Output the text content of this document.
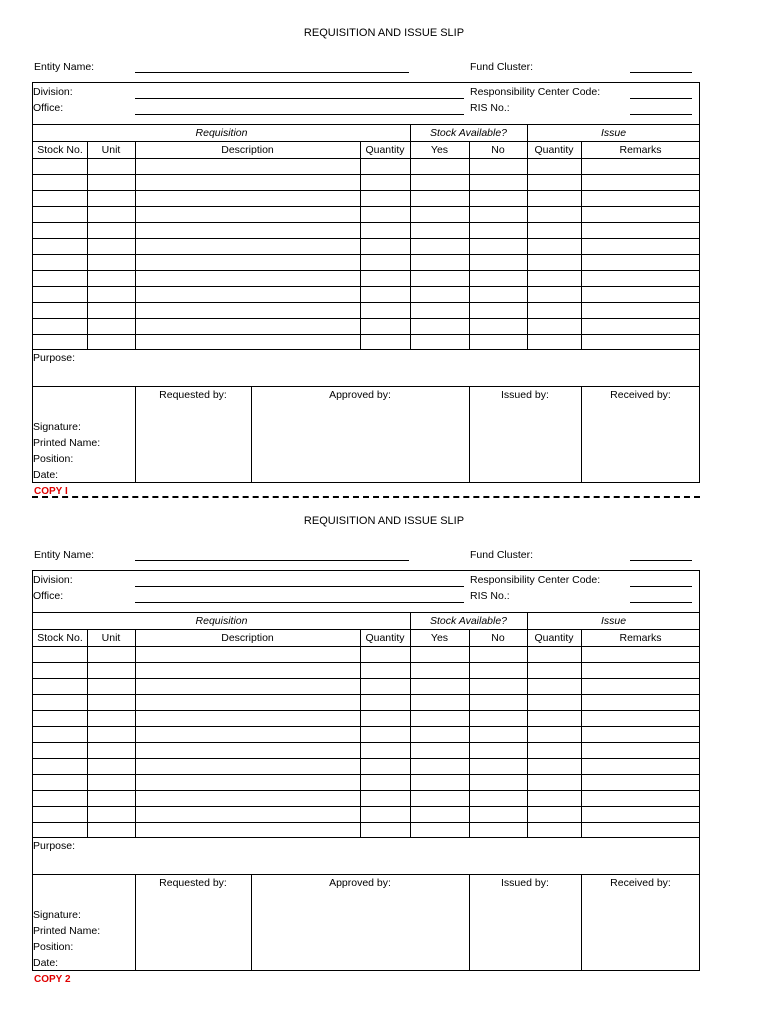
REQUISITION AND ISSUE SLIP
Entity Name:	Fund Cluster:
Division:
Office:
Responsibility Center Code:
RIS No.:
Requisition	Stock Available?	Issue
Stock No.	Unit	Description	Quantity	Yes	No	Quantity	Remarks
Purpose:
Requested by:	Approved by:	Issued by:	Received by:
Signature:
Printed Name:
Position:
Date:
COPY I
REQUISITION AND ISSUE SLIP
Entity Name:	Fund Cluster:
Division:
Office:
Responsibility Center Code:
RIS No.:
Requisition	Stock Available?	Issue
Stock No.	Unit	Description	Quantity	Yes	No	Quantity	Remarks
Purpose:
Requested by:	Approved by:	Issued by:	Received by:
Signature:
Printed Name:
Position:
Date:
COPY 2
